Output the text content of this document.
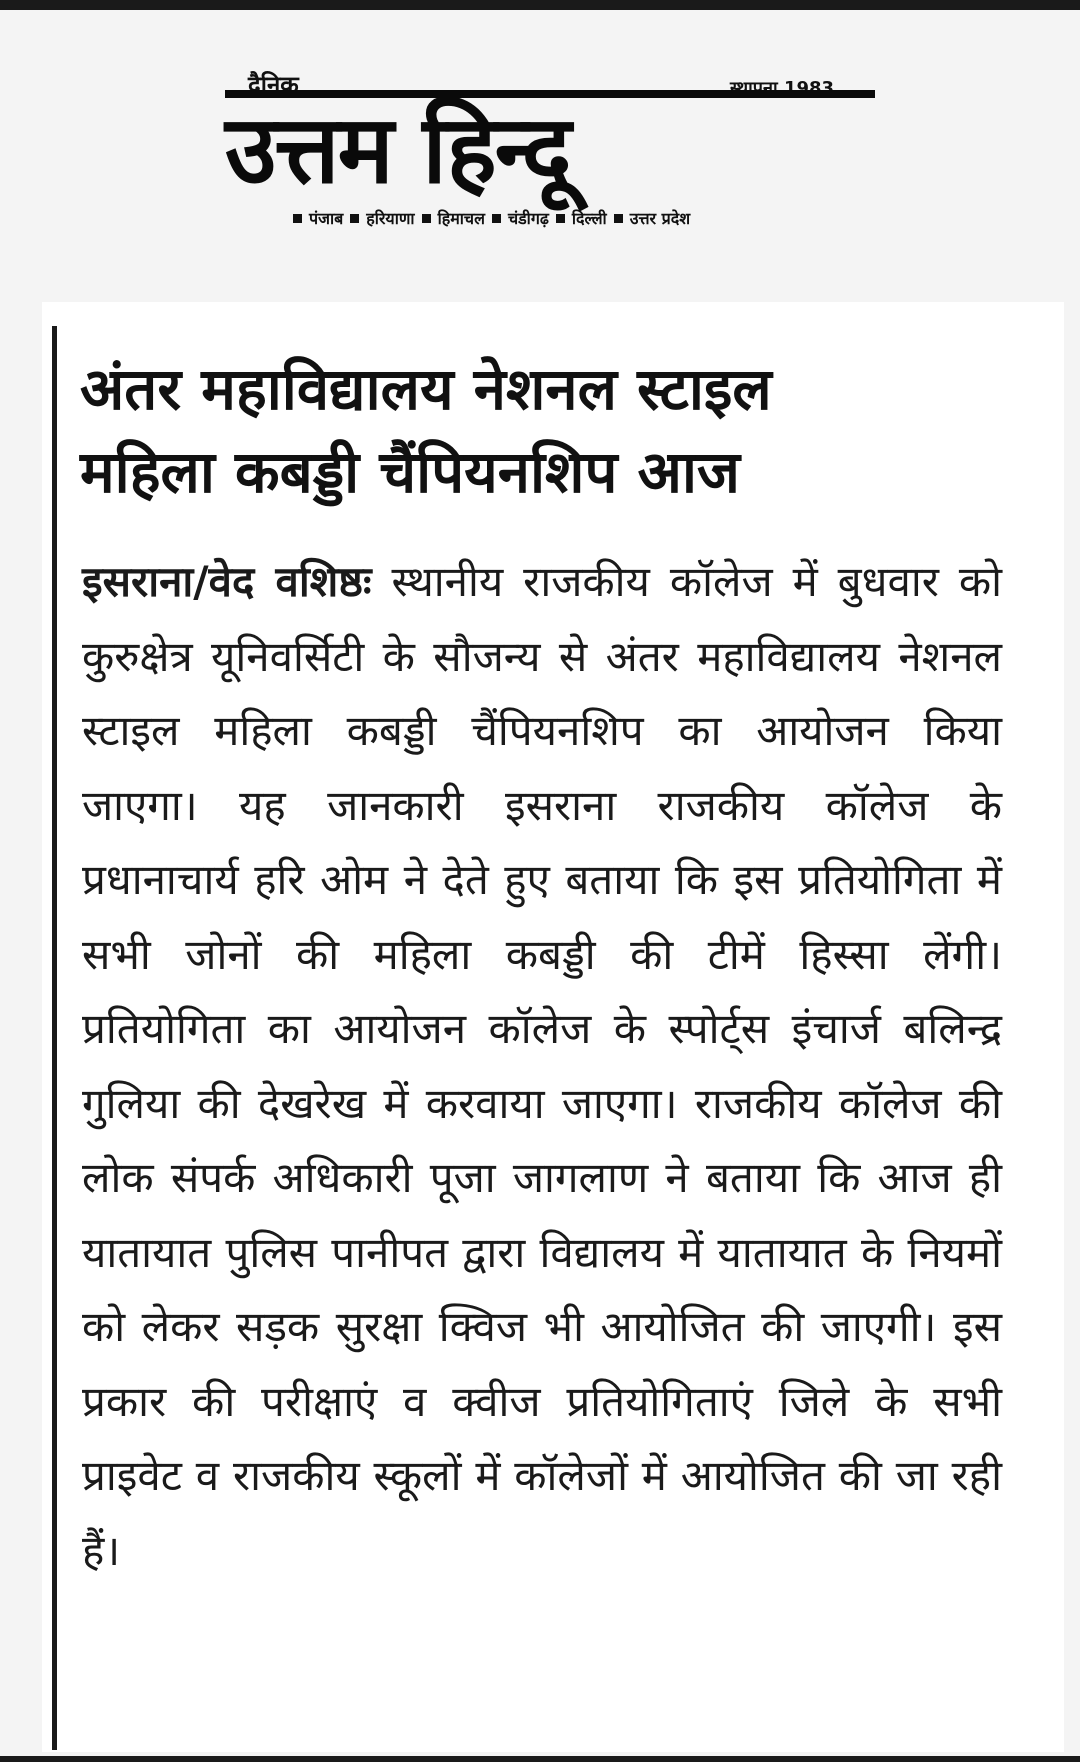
दैनिक	स्थापना 1983
उत्तम हिन्दू
पंजाब हरियाणा हिमाचल चंडीगढ़ दिल्ली उत्तर प्रदेश
अंतर महाविद्यालय नेशनल स्टाइल
महिला कबड्डी चैंपियनशिप आज
इसराना/वेद वशिष्ठः स्थानीय राजकीय कॉलेज में बुधवार को कुरुक्षेत्र यूनिवर्सिटी के सौजन्य से अंतर महाविद्यालय नेशनल स्टाइल महिला कबड्डी चैंपियनशिप का आयोजन किया जाएगा। यह जानकारी इसराना राजकीय कॉलेज के प्रधानाचार्य हरि ओम ने देते हुए बताया कि इस प्रतियोगिता में सभी जोनों की महिला कबड्डी की टीमें हिस्सा लेंगी। प्रतियोगिता का आयोजन कॉलेज के स्पोर्ट्स इंचार्ज बलिन्द्र गुलिया की देखरेख में करवाया जाएगा। राजकीय कॉलेज की लोक संपर्क अधिकारी पूजा जागलाण ने बताया कि आज ही यातायात पुलिस पानीपत द्वारा विद्यालय में यातायात के नियमों को लेकर सड़क सुरक्षा क्विज भी आयोजित की जाएगी। इस प्रकार की परीक्षाएं व क्वीज प्रतियोगिताएं जिले के सभी प्राइवेट व राजकीय स्कूलों में कॉलेजों में आयोजित की जा रही हैं।
